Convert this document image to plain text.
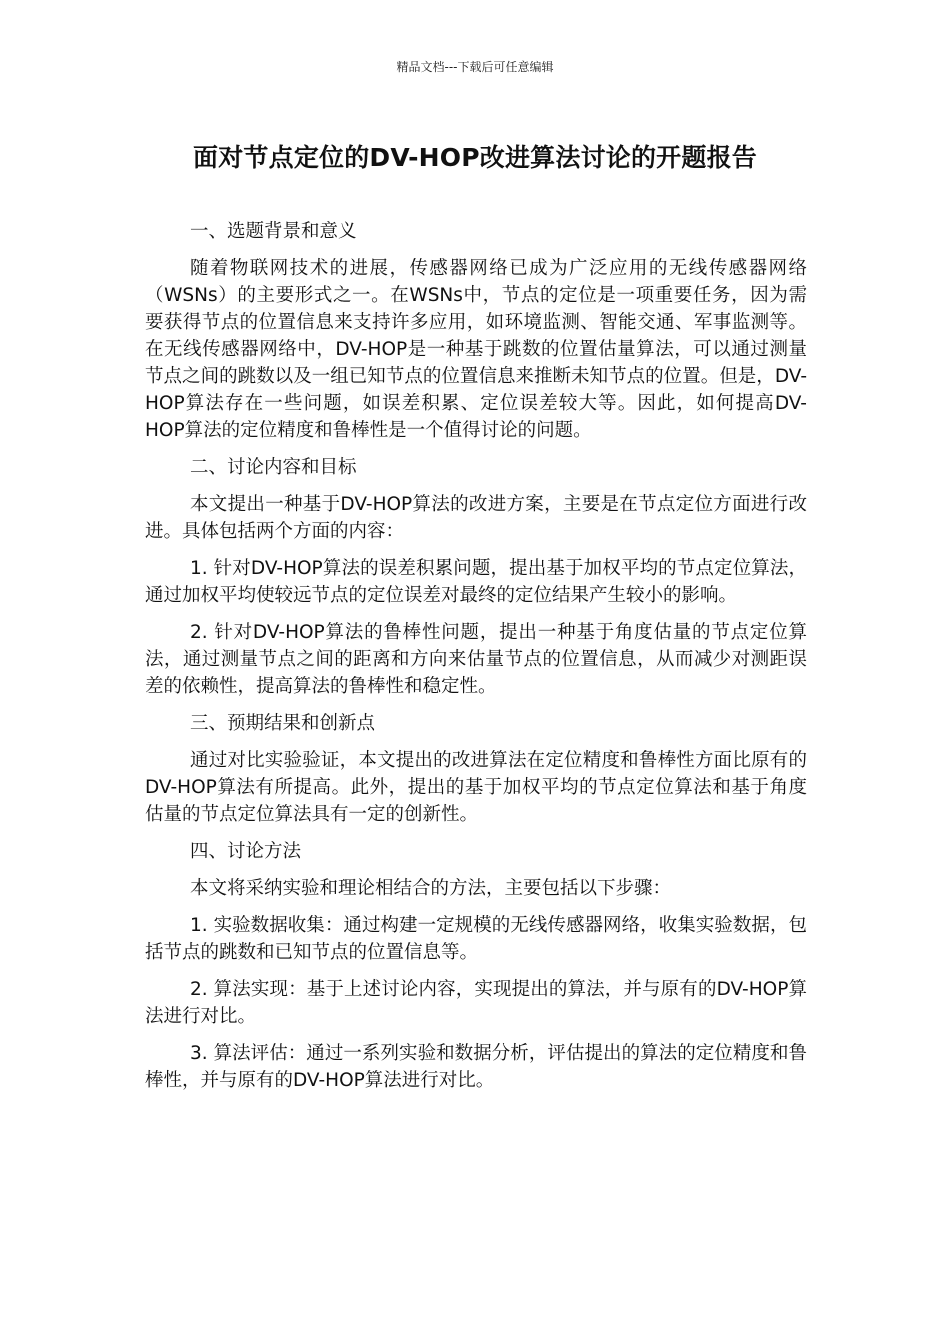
精品文档---下载后可任意编辑
面对节点定位的DV-HOP改进算法讨论的开题报告
一、选题背景和意义
随着物联网技术的进展，传感器网络已成为广泛应用的无线传感器网络（WSNs）的主要形式之一。在WSNs中，节点的定位是一项重要任务，因为需要获得节点的位置信息来支持许多应用，如环境监测、智能交通、军事监测等。在无线传感器网络中，DV-HOP是一种基于跳数的位置估量算法，可以通过测量节点之间的跳数以及一组已知节点的位置信息来推断未知节点的位置。但是，DV-HOP算法存在一些问题，如误差积累、定位误差较大等。因此，如何提高DV-HOP算法的定位精度和鲁棒性是一个值得讨论的问题。
二、讨论内容和目标
本文提出一种基于DV-HOP算法的改进方案，主要是在节点定位方面进行改进。具体包括两个方面的内容：
1. 针对DV-HOP算法的误差积累问题，提出基于加权平均的节点定位算法，通过加权平均使较远节点的定位误差对最终的定位结果产生较小的影响。
2. 针对DV-HOP算法的鲁棒性问题，提出一种基于角度估量的节点定位算法，通过测量节点之间的距离和方向来估量节点的位置信息，从而减少对测距误差的依赖性，提高算法的鲁棒性和稳定性。
三、预期结果和创新点
通过对比实验验证，本文提出的改进算法在定位精度和鲁棒性方面比原有的DV-HOP算法有所提高。此外，提出的基于加权平均的节点定位算法和基于角度估量的节点定位算法具有一定的创新性。
四、讨论方法
本文将采纳实验和理论相结合的方法，主要包括以下步骤：
1. 实验数据收集：通过构建一定规模的无线传感器网络，收集实验数据，包括节点的跳数和已知节点的位置信息等。
2. 算法实现：基于上述讨论内容，实现提出的算法，并与原有的DV-HOP算法进行对比。
3. 算法评估：通过一系列实验和数据分析，评估提出的算法的定位精度和鲁棒性，并与原有的DV-HOP算法进行对比。
